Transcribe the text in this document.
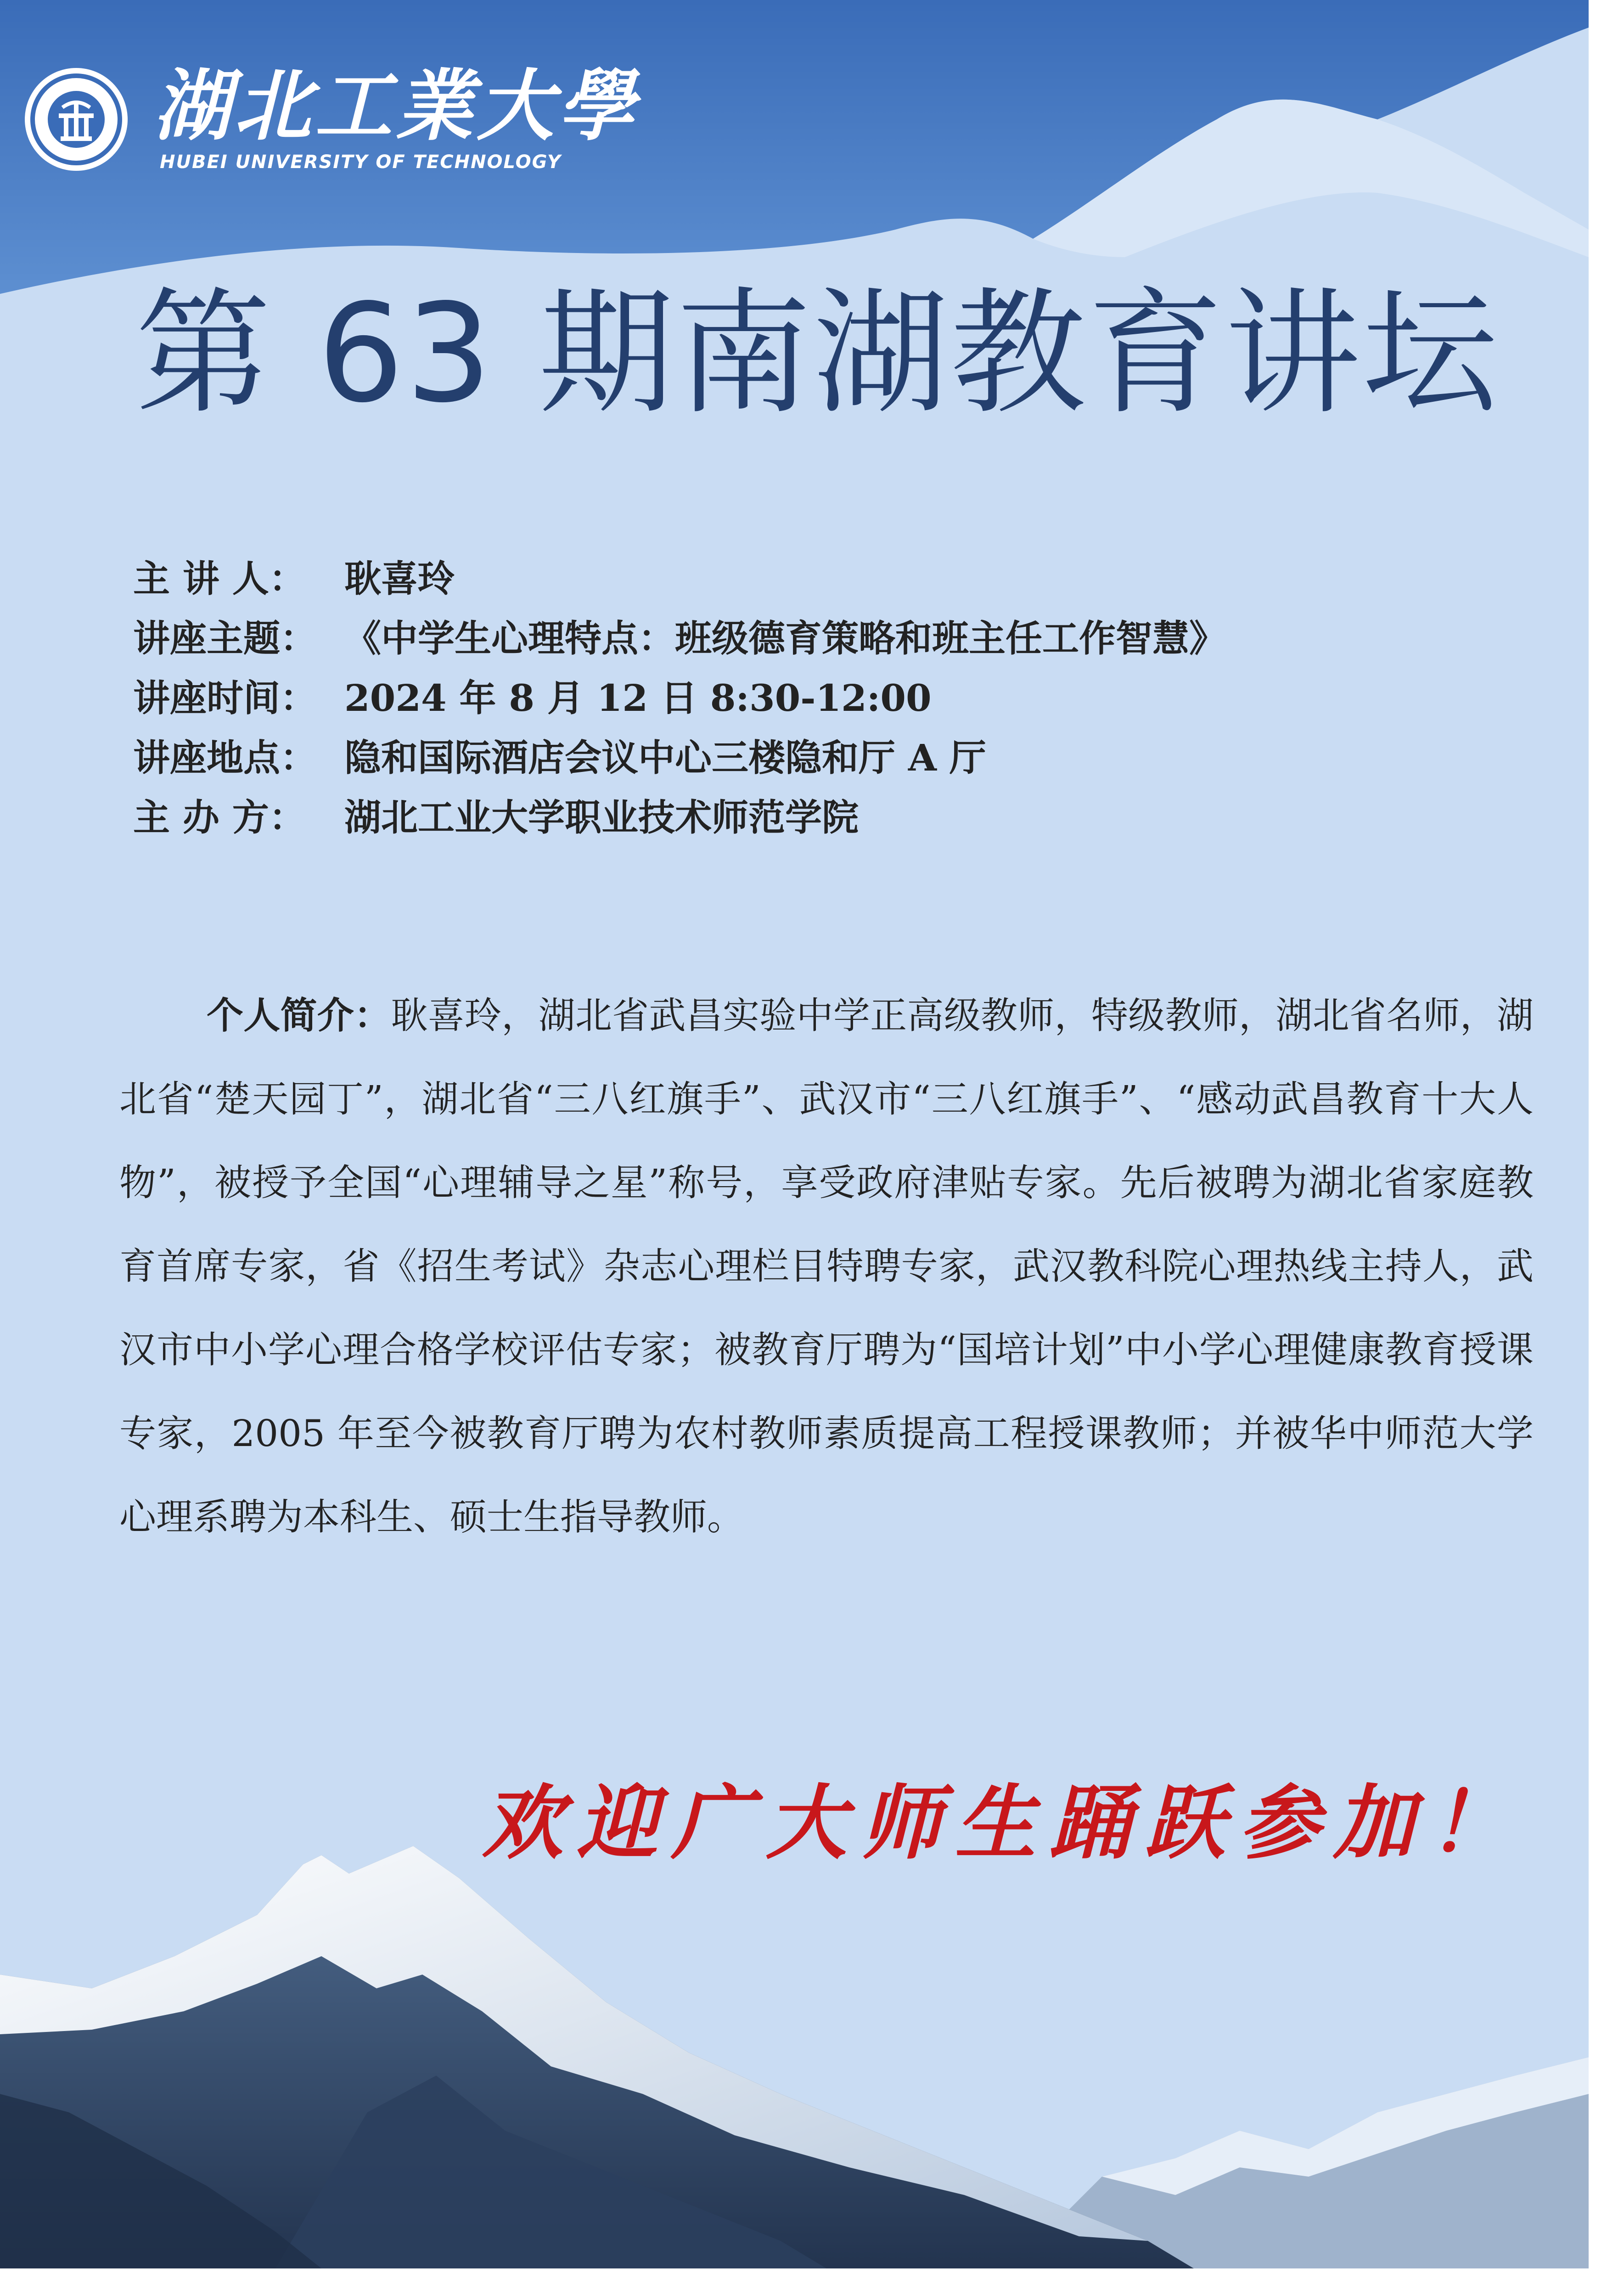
湖北工業大學
HUBEI UNIVERSITY OF TECHNOLOGY
第 63 期南湖教育讲坛
主 讲 人： 耿喜玲
讲座主题： 《中学生心理特点：班级德育策略和班主任工作智慧》
讲座时间： 2024 年 8 月 12 日 8:30-12:00
讲座地点： 隐和国际酒店会议中心三楼隐和厅 A 厅
主 办 方： 湖北工业大学职业技术师范学院
个人简介：耿喜玲，湖北省武昌实验中学正高级教师，特级教师，湖北省名师，湖北省“楚天园丁”，湖北省“三八红旗手”、武汉市“三八红旗手”、“感动武昌教育十大人物”，被授予全国“心理辅导之星”称号，享受政府津贴专家。先后被聘为湖北省家庭教育首席专家，省《招生考试》杂志心理栏目特聘专家，武汉教科院心理热线主持人，武汉市中小学心理合格学校评估专家；被教育厅聘为“国培计划”中小学心理健康教育授课专家，2005 年至今被教育厅聘为农村教师素质提高工程授课教师；并被华中师范大学心理系聘为本科生、硕士生指导教师。
欢迎广大师生踊跃参加！
